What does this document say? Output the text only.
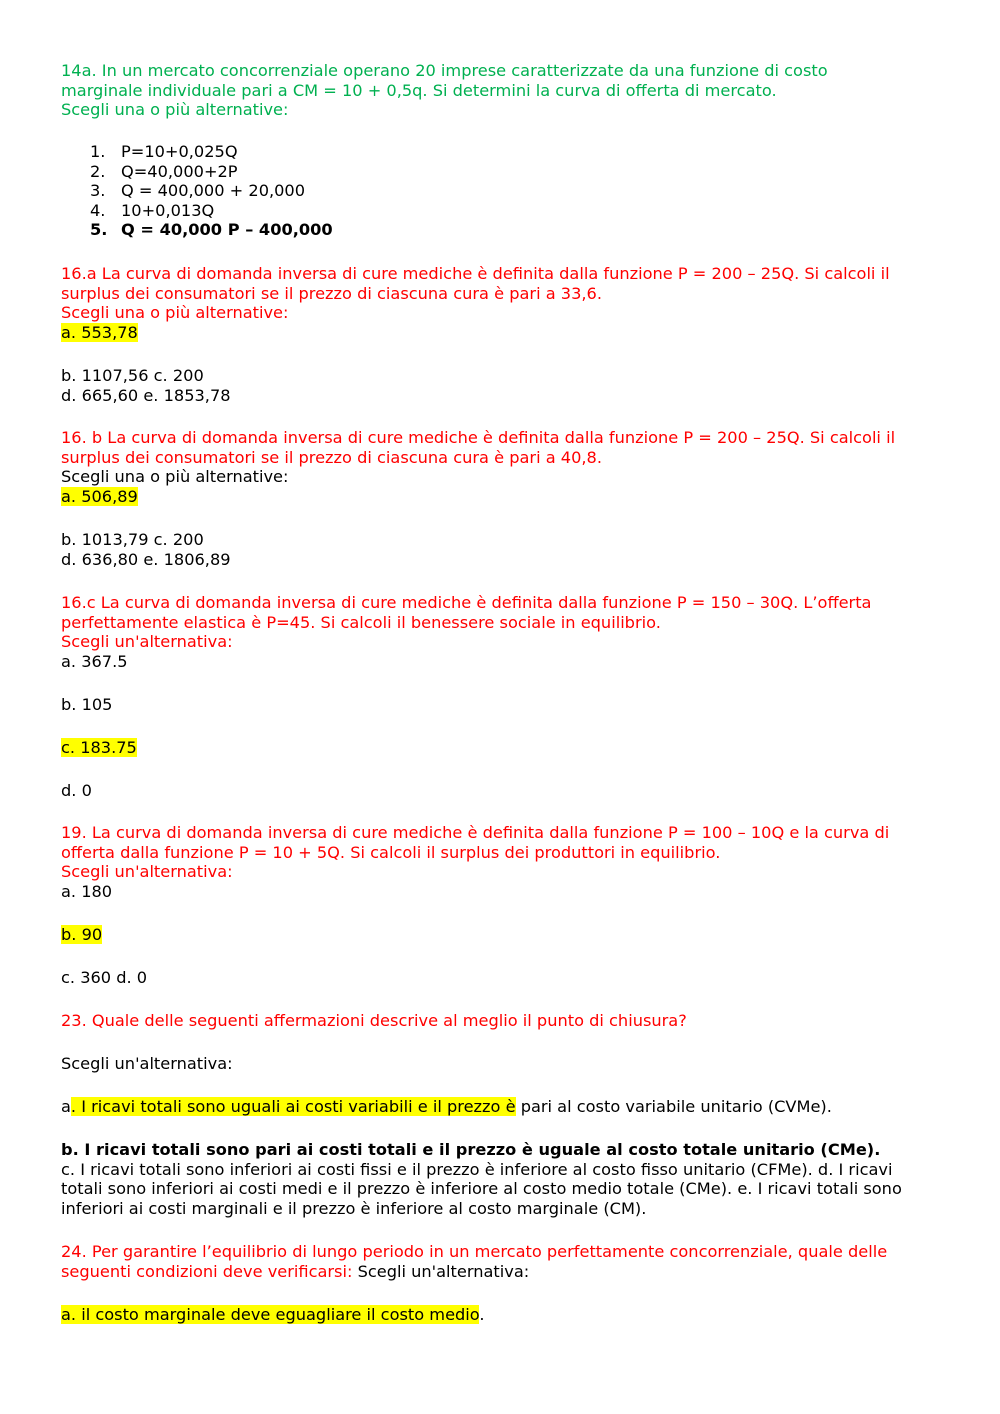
14a. In un mercato concorrenziale operano 20 imprese caratterizzate da una funzione di costo
marginale individuale pari a CM = 10 + 0,5q. Si determini la curva di offerta di mercato.
Scegli una o più alternative:
1. P=10+0,025Q
2. Q=40,000+2P
3. Q = 400,000 + 20,000
4. 10+0,013Q
5. Q = 40,000 P – 400,000
16.a La curva di domanda inversa di cure mediche è definita dalla funzione P = 200 – 25Q. Si calcoli il
surplus dei consumatori se il prezzo di ciascuna cura è pari a 33,6.
Scegli una o più alternative:
a. 553,78
b. 1107,56 c. 200
d. 665,60 e. 1853,78
16. b La curva di domanda inversa di cure mediche è definita dalla funzione P = 200 – 25Q. Si calcoli il
surplus dei consumatori se il prezzo di ciascuna cura è pari a 40,8.
Scegli una o più alternative:
a. 506,89
b. 1013,79 c. 200
d. 636,80 e. 1806,89
16.c La curva di domanda inversa di cure mediche è definita dalla funzione P = 150 – 30Q. L’offerta
perfettamente elastica è P=45. Si calcoli il benessere sociale in equilibrio.
Scegli un'alternativa:
a. 367.5
b. 105
c. 183.75
d. 0
19. La curva di domanda inversa di cure mediche è definita dalla funzione P = 100 – 10Q e la curva di
offerta dalla funzione P = 10 + 5Q. Si calcoli il surplus dei produttori in equilibrio.
Scegli un'alternativa:
a. 180
b. 90
c. 360 d. 0
23. Quale delle seguenti affermazioni descrive al meglio il punto di chiusura?
Scegli un'alternativa:
a. I ricavi totali sono uguali ai costi variabili e il prezzo è pari al costo variabile unitario (CVMe).
b. I ricavi totali sono pari ai costi totali e il prezzo è uguale al costo totale unitario (CMe).
c. I ricavi totali sono inferiori ai costi fissi e il prezzo è inferiore al costo fisso unitario (CFMe). d. I ricavi
totali sono inferiori ai costi medi e il prezzo è inferiore al costo medio totale (CMe). e. I ricavi totali sono
inferiori ai costi marginali e il prezzo è inferiore al costo marginale (CM).
24. Per garantire l’equilibrio di lungo periodo in un mercato perfettamente concorrenziale, quale delle
seguenti condizioni deve verificarsi: Scegli un'alternativa:
a. il costo marginale deve eguagliare il costo medio.
